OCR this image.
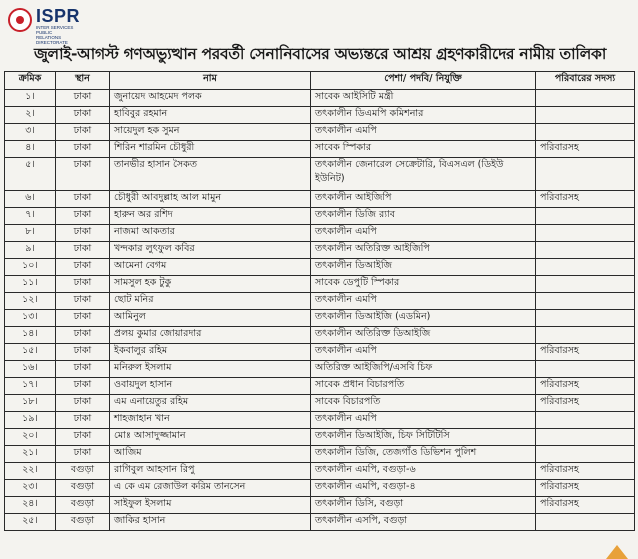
ISPR
INTER SERVICES PUBLIC RELATIONS DIRECTORATE
জুলাই-আগস্ট গণঅভ্যুত্থান পরবর্তী সেনানিবাসের অভ্যন্তরে আশ্রয় গ্রহণকারীদের নামীয় তালিকা
ক্রমিক	স্থান	নাম	পেশা/ পদবি/ নিযুক্তি	পরিবারের সদস্য
১।	ঢাকা	জুনায়েদ আহমেদ পলক	সাবেক আইসিটি মন্ত্রী	
২।	ঢাকা	হাবিবুর রহমান	তৎকালীন ডিএমপি কমিশনার	
৩।	ঢাকা	সায়েদুল হক সুমন	তৎকালীন এমপি	
৪।	ঢাকা	শিরিন শারমিন চৌধুরী	সাবেক স্পিকার	পরিবারসহ
৫।	ঢাকা	তানভীর হাসান সৈকত	তৎকালীন জেনারেল সেক্রেটারি, বিএসএল (ডিইউ ইউনিট)	
৬।	ঢাকা	চৌধুরী আবদুল্লাহ আল মামুন	তৎকালীন আইজিপি	পরিবারসহ
৭।	ঢাকা	হারুন অর রশিদ	তৎকালীন ডিজি র‍্যাব	
৮।	ঢাকা	নাজমা আকতার	তৎকালীন এমপি	
৯।	ঢাকা	খন্দকার লুৎফুল কবির	তৎকালীন অতিরিক্ত আইজিপি	
১০।	ঢাকা	আমেনা বেগম	তৎকালীন ডিআইজি	
১১।	ঢাকা	সামসুল হক টুকু	সাবেক ডেপুটি স্পিকার	
১২।	ঢাকা	ছোট মনির	তৎকালীন এমপি	
১৩।	ঢাকা	আমিনুল	তৎকালীন ডিআইজি (এডমিন)	
১৪।	ঢাকা	প্রলয় কুমার জোয়ারদার	তৎকালীন অতিরিক্ত ডিআইজি	
১৫।	ঢাকা	ইকবালুর রহিম	তৎকালীন এমপি	পরিবারসহ
১৬।	ঢাকা	মনিরুল ইসলাম	অতিরিক্ত আইজিপি/এসবি চিফ	
১৭।	ঢাকা	ওবায়দুল হাসান	সাবেক প্রধান বিচারপতি	পরিবারসহ
১৮।	ঢাকা	এম এনায়েতুর রহিম	সাবেক বিচারপতি	পরিবারসহ
১৯।	ঢাকা	শাহজাহান খান	তৎকালীন এমপি	
২০।	ঢাকা	মোঃ আসাদুজ্জামান	তৎকালীন ডিআইজি, চিফ সিটিটিসি	
২১।	ঢাকা	আজিম	তৎকালীন ডিজি, তেজগাঁও ডিভিশন পুলিশ	
২২।	বগুড়া	রাগিবুল আহসান রিপু	তৎকালীন এমপি, বগুড়া-৬	পরিবারসহ
২৩।	বগুড়া	এ কে এম রেজাউল করিম তানসেন	তৎকালীন এমপি, বগুড়া-৪	পরিবারসহ
২৪।	বগুড়া	সাইফুল ইসলাম	তৎকালীন ডিসি, বগুড়া	পরিবারসহ
২৫।	বগুড়া	জাকির হাসান	তৎকালীন এসপি, বগুড়া	
